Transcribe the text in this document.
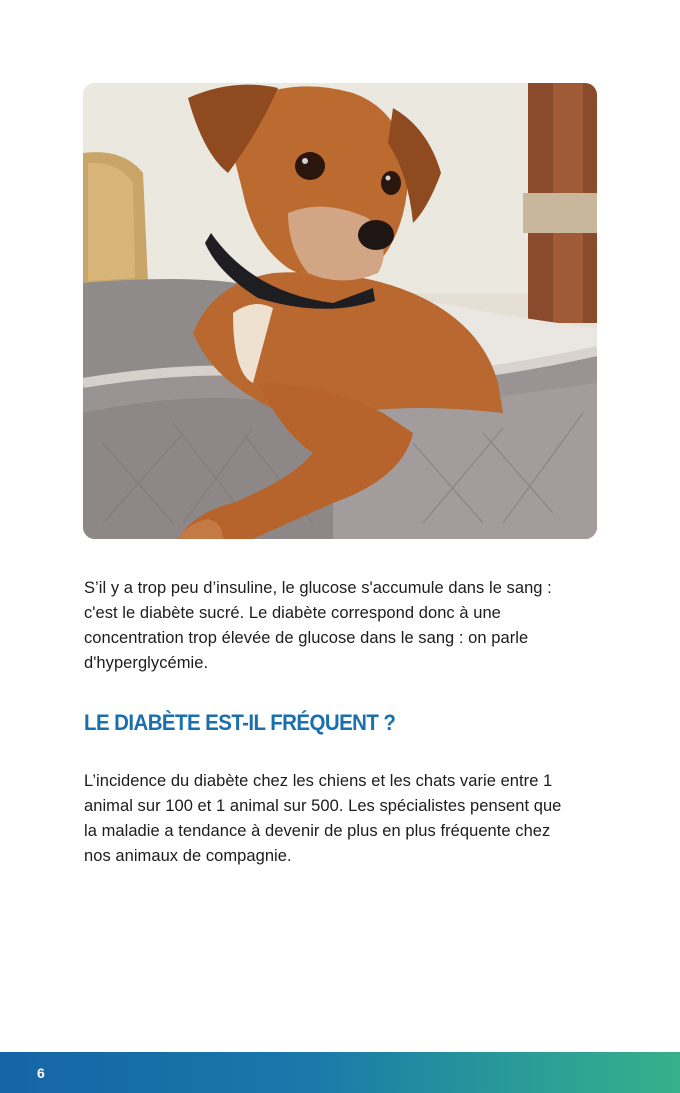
S’il y a trop peu d’insuline, le glucose s'accumule dans le sang :
c'est le diabète sucré. Le diabète correspond donc à une
concentration trop élevée de glucose dans le sang : on parle
d'hyperglycémie.

LE DIABÈTE EST-IL FRÉQUENT ?

L’incidence du diabète chez les chiens et les chats varie entre 1
animal sur 100 et 1 animal sur 500. Les spécialistes pensent que
la maladie a tendance à devenir de plus en plus fréquente chez
nos animaux de compagnie.

6
